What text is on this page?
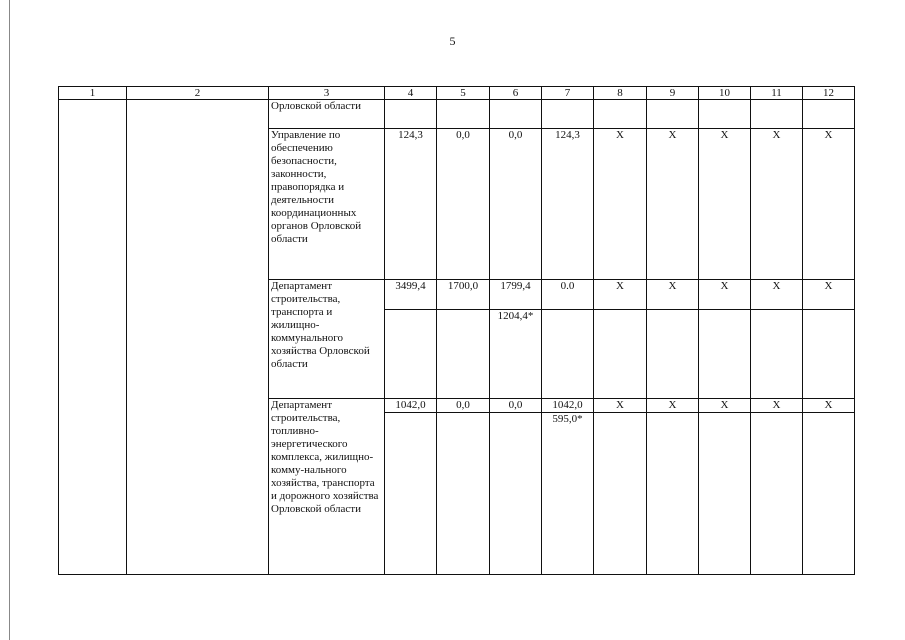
5
1	2	3	4	5	6	7	8	9	10	11	12
		Орловской области									
		Управление по обеспечению безопасности, законности, правопорядка и деятельности координационных органов Орловской области	124,3	0,0	0,0	124,3	X	X	X	X	X
		Департамент строительства, транспорта и жилищно-коммунального хозяйства Орловской области	3499,4	1700,0	1799,4	0.0	X	X	X	X	X
					1204,4*						
		Департамент строительства, топливно-энергетического комплекса, жилищно-комму-нального хозяйства, транспорта и дорожного хозяйства Орловской области	1042,0	0,0	0,0	1042,0	X	X	X	X	X
						595,0*					
